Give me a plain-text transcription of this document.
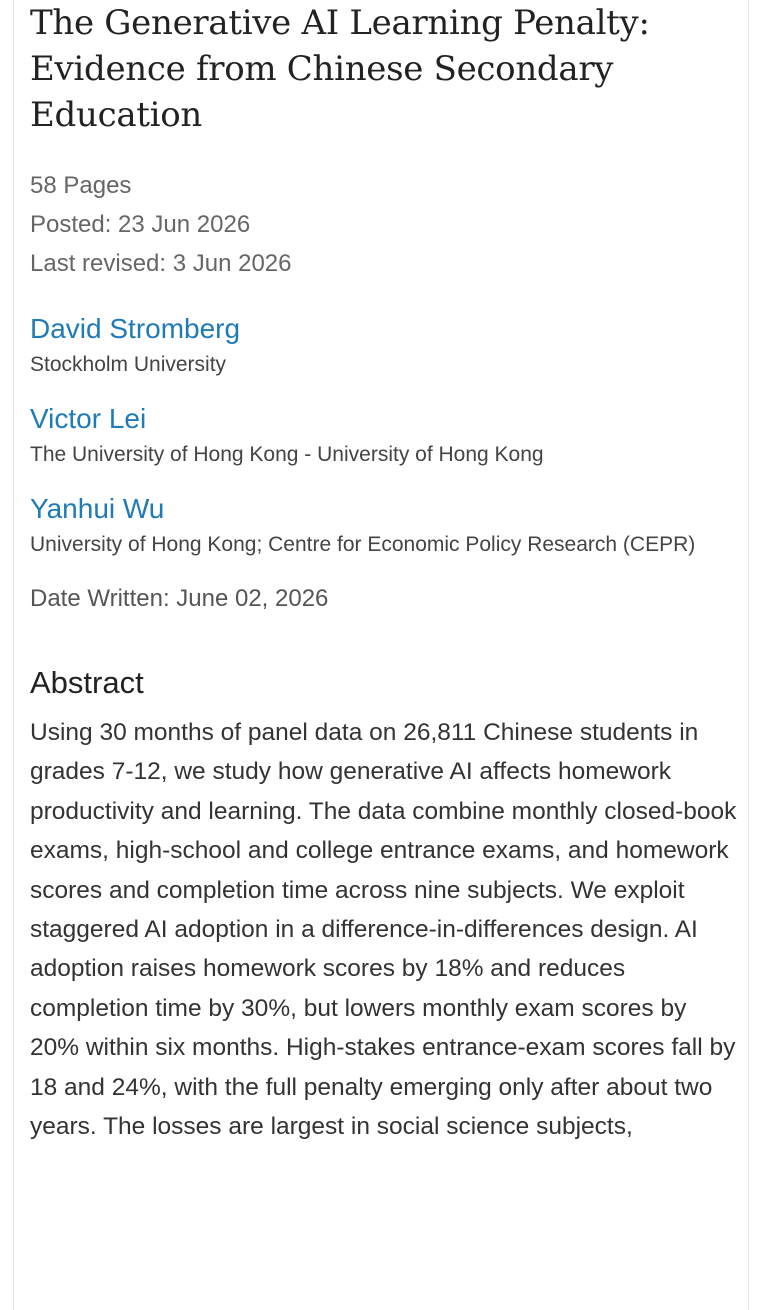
The Generative AI Learning Penalty: Evidence from Chinese Secondary Education
58 Pages
Posted: 23 Jun 2026
Last revised: 3 Jun 2026
David Stromberg
Stockholm University
Victor Lei
The University of Hong Kong - University of Hong Kong
Yanhui Wu
University of Hong Kong; Centre for Economic Policy Research (CEPR)
Date Written: June 02, 2026
Abstract

Using 30 months of panel data on 26,811 Chinese students in grades 7-12, we study how generative AI affects homework productivity and learning. The data combine monthly closed-book exams, high-school and college entrance exams, and homework scores and completion time across nine subjects. We exploit staggered AI adoption in a difference-in-differences design. AI adoption raises homework scores by 18% and reduces completion time by 30%, but lowers monthly exam scores by 20% within six months. High-stakes entrance-exam scores fall by 18 and 24%, with the full penalty emerging only after about two years. The losses are largest in social science subjects,
